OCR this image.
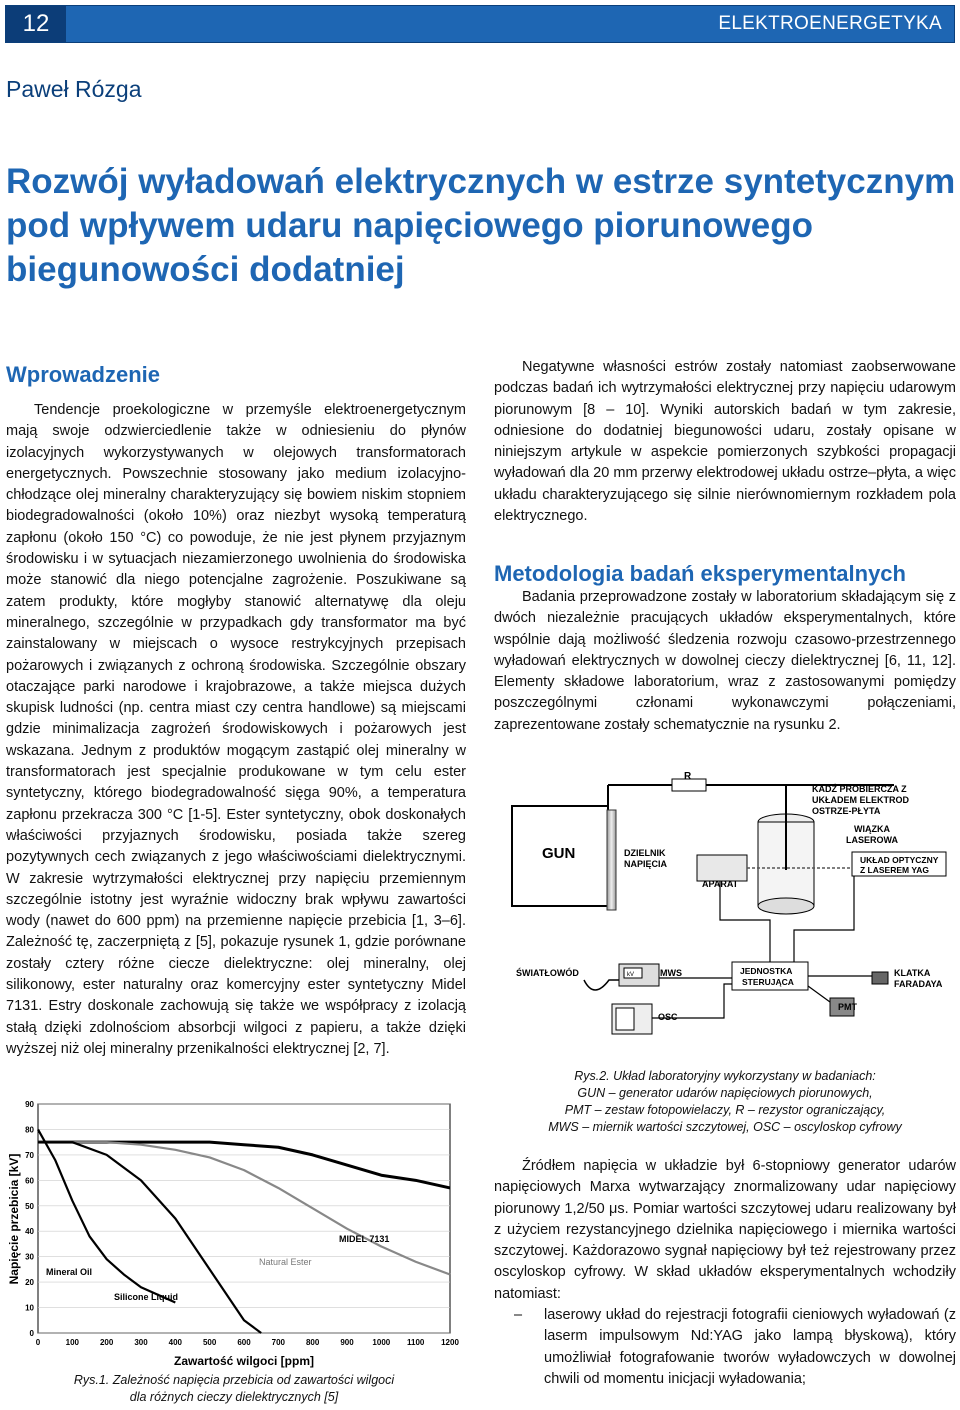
12	ELEKTROENERGETYKA
Paweł Rózga
Rozwój wyładowań elektrycznych w estrze syntetycznym pod wpływem udaru napięciowego piorunowego biegunowości dodatniej
Wprowadzenie

Tendencje proekologiczne w przemyśle elektroenergetycznym mają swoje odzwierciedlenie także w odniesieniu do płynów izolacyjnych wykorzystywanych w olejowych transformatorach energetycznych. Powszechnie stosowany jako medium izolacyjno-chłodzące olej mineralny charakteryzujący się bowiem niskim stopniem biodegradowalności (około 10%) oraz niezbyt wysoką temperaturą zapłonu (około 150 °C) co powoduje, że nie jest płynem przyjaznym środowisku i w sytuacjach niezamierzonego uwolnienia do środowiska może stanowić dla niego potencjalne zagrożenie. Poszukiwane są zatem produkty, które mogłyby stanowić alternatywę dla oleju mineralnego, szczególnie w przypadkach gdy transformator ma być zainstalowany w miejscach o wysoce restrykcyjnych przepisach pożarowych i związanych z ochroną środowiska. Szczególnie obszary otaczające parki narodowe i krajobrazowe, a także miejsca dużych skupisk ludności (np. centra miast czy centra handlowe) są miejscami gdzie minimalizacja zagrożeń środowiskowych i pożarowych jest wskazana. Jednym z produktów mogącym zastąpić olej mineralny w transformatorach jest specjalnie produkowane w tym celu ester syntetyczny, którego biodegradowalność sięga 90%, a temperatura zapłonu przekracza 300 °C [1-5]. Ester syntetyczny, obok doskonałych właściwości przyjaznych środowisku, posiada także szereg pozytywnych cech związanych z jego właściwościami dielektrycznymi. W zakresie wytrzymałości elektrycznej przy napięciu przemiennym szczególnie istotny jest wyraźnie widoczny brak wpływu zawartości wody (nawet do 600 ppm) na przemienne napięcie przebicia [1, 3–6]. Zależność tę, zaczerpniętą z [5], pokazuje rysunek 1, gdzie porównane zostały cztery różne ciecze dielektryczne: olej mineralny, olej silikonowy, ester naturalny oraz komercyjny ester syntetyczny Midel 7131. Estry doskonale zachowują się także we współpracy z izolacją stałą dzięki zdolnościom absorbcji wilgoci z papieru, a także dzięki wyższej niż olej mineralny przenikalności elektrycznej [2, 7].

0
10
20
30
40
50
60
70
80
90
0	100	200	300	400	500	600	700	800	900 1000 1100 1200
Napięcie przebicia [kV]
Zawartość wilgoci [ppm]
MIDEL 7131
Natural Ester
Mineral Oil
Silicone Liquid
Rys.1. Zależność napięcia przebicia od zawartości wilgoci
dla różnych cieczy dielektrycznych [5]

Negatywne własności estrów zostały natomiast zaobserwowane podczas badań ich wytrzymałości elektrycznej przy napięciu udarowym piorunowym [8 – 10]. Wyniki autorskich badań w tym zakresie, odniesione do dodatniej biegunowości udaru, zostały opisane w niniejszym artykule w aspekcie pomierzonych szybkości propagacji wyładowań dla 20 mm przerwy elektrodowej układu ostrze–płyta, a więc układu charakteryzującego się silnie nierównomiernym rozkładem pola elektrycznego.

Metodologia badań eksperymentalnych

Badania przeprowadzone zostały w laboratorium składającym się z dwóch niezależnie pracujących układów eksperymentalnych, które wspólnie dają możliwość śledzenia rozwoju czasowo-przestrzennego wyładowań elektrycznych w dowolnej cieczy dielektrycznej [6, 11, 12]. Elementy składowe laboratorium, wraz z zastosowanymi pomiędzy poszczególnymi członami wykonawczymi połączeniami, zaprezentowane zostały schematycznie na rysunku 2.

GUN
R
DZIELNIK
NAPIĘCIA
APARAT
KADŹ PROBIERCZA Z
UKŁADEM ELEKTROD
OSTRZE-PŁYTA
WIĄZKA
LASEROWA
UKŁAD OPTYCZNY
Z LASEREM YAG
ŚWIATŁOWÓD	kV	MWS	JEDNOSTKA
STERUJĄCA
KLATKA
FARADAYA
PMT
OSC
Rys.2. Układ laboratoryjny wykorzystany w badaniach:
GUN – generator udarów napięciowych piorunowych,
PMT – zestaw fotopowielaczy, R – rezystor ograniczający,
MWS – miernik wartości szczytowej, OSC – oscyloskop cyfrowy

Źródłem napięcia w układzie był 6-stopniowy generator udarów napięciowych Marxa wytwarzający znormalizowany udar napięciowy piorunowy 1,2/50 μs. Pomiar wartości szczytowej udaru realizowany był z użyciem rezystancyjnego dzielnika napięciowego i miernika wartości szczytowej. Każdorazowo sygnał napięciowy był też rejestrowany przez oscyloskop cyfrowy. W skład układów eksperymentalnych wchodziły natomiast:

– laserowy układ do rejestracji fotografii cieniowych wyładowań (z laserm impulsowym Nd:YAG jako lampą błyskową), który umożliwiał fotografowanie tworów wyładowczych w dowolnej chwili od momentu inicjacji wyładowania;
